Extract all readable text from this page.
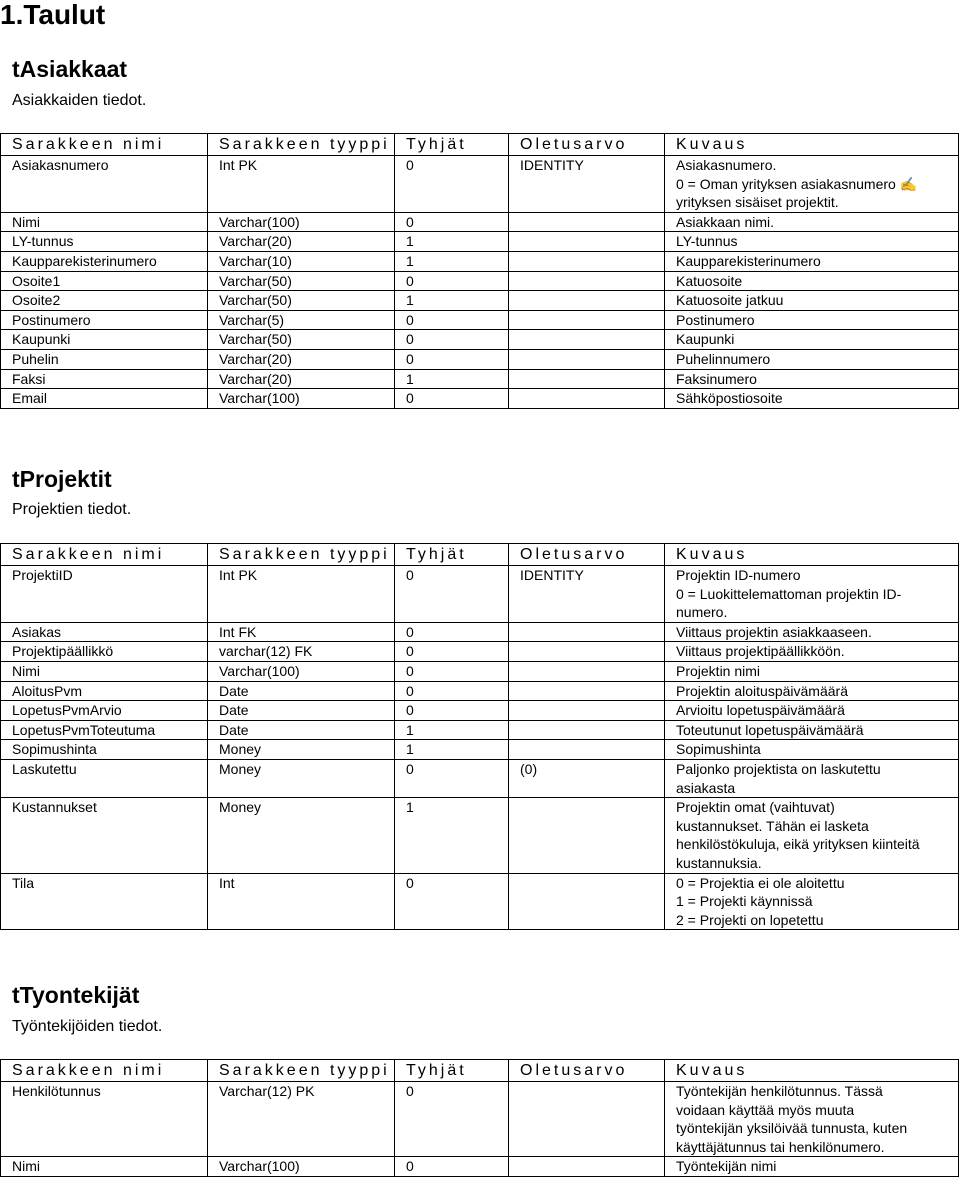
1.Taulut
tAsiakkaat

Asiakkaiden tiedot.

Sarakkeen nimi	Sarakkeen tyyppi	Tyhjät	Oletusarvo	Kuvaus
Asiakasnumero	Int PK	0	IDENTITY	Asiakasnumero.
0 = Oman yrityksen asiakasnumero ✍
yrityksen sisäiset projektit.

Nimi	Varchar(100)	0		Asiakkaan nimi.

LY-tunnus	Varchar(20)	1		LY-tunnus

Kaupparekisterinumero	Varchar(10)	1		Kaupparekisterinumero

Osoite1	Varchar(50)	0		Katuosoite

Osoite2	Varchar(50)	1		Katuosoite jatkuu

Postinumero	Varchar(5)	0		Postinumero

Kaupunki	Varchar(50)	0		Kaupunki

Puhelin	Varchar(20)	0		Puhelinnumero

Faksi	Varchar(20)	1		Faksinumero

Email	Varchar(100)	0		Sähköpostiosoite
tProjektit

Projektien tiedot.

Sarakkeen nimi	Sarakkeen tyyppi	Tyhjät	Oletusarvo	Kuvaus
ProjektiID	Int PK	0	IDENTITY	Projektin ID-numero
0 = Luokittelemattoman projektin ID-
numero.

Asiakas	Int FK	0		Viittaus projektin asiakkaaseen.

Projektipäällikkö	varchar(12) FK	0		Viittaus projektipäällikköön.

Nimi	Varchar(100)	0		Projektin nimi

AloitusPvm	Date	0		Projektin aloituspäivämäärä

LopetusPvmArvio	Date	0		Arvioitu lopetuspäivämäärä

LopetusPvmToteutuma	Date	1		Toteutunut lopetuspäivämäärä

Sopimushinta	Money	1		Sopimushinta

Laskutettu	Money	0	(0)	Paljonko projektista on laskutettu
asiakasta

Kustannukset	Money	1		Projektin omat (vaihtuvat)
kustannukset. Tähän ei lasketa
henkilöstökuluja, eikä yrityksen kiinteitä
kustannuksia.

Tila	Int	0		0 = Projektia ei ole aloitettu
1 = Projekti käynnissä
2 = Projekti on lopetettu
tTyontekijät

Työntekijöiden tiedot.

Sarakkeen nimi	Sarakkeen tyyppi	Tyhjät	Oletusarvo	Kuvaus
Henkilötunnus	Varchar(12) PK	0		Työntekijän henkilötunnus. Tässä
voidaan käyttää myös muuta
työntekijän yksilöivää tunnusta, kuten
käyttäjätunnus tai henkilönumero.

Nimi	Varchar(100)	0		Työntekijän nimi
